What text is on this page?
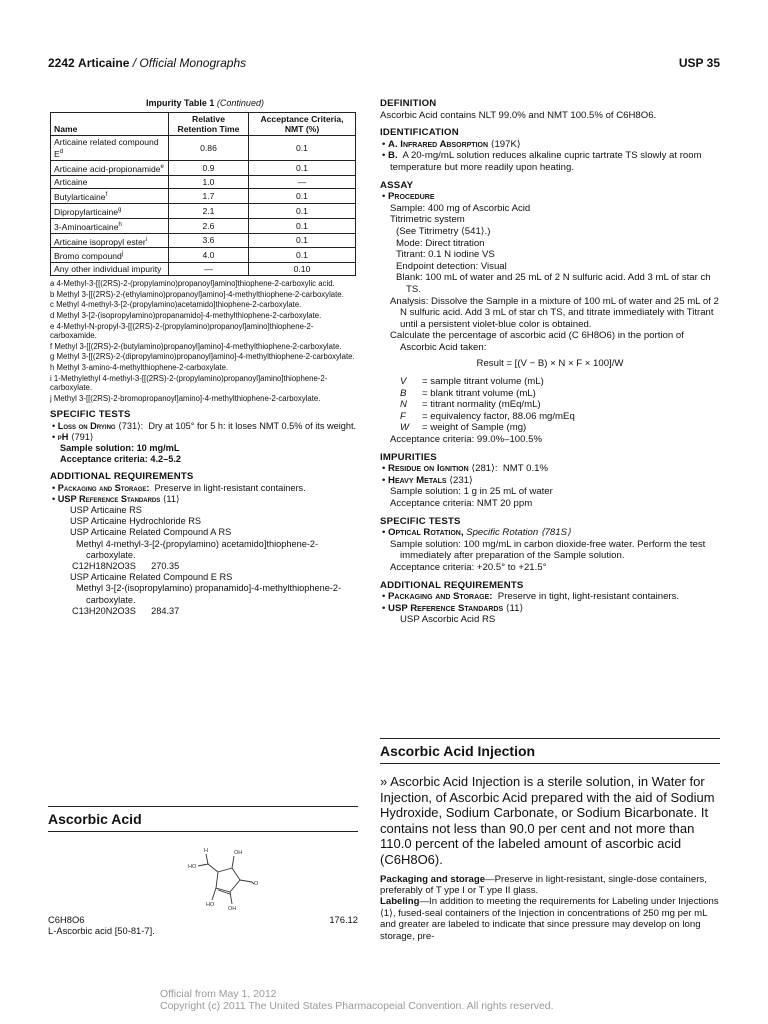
2242 Articaine / Official Monographs	USP 35
Impurity Table 1 (Continued)
Name	Relative Retention Time	Acceptance Criteria, NMT (%)
Articaine related compound $E^d$	0.86	0.1
Articaine acid-propionamide$^e$	0.9	0.1
Articaine	1.0	—
Butylarticaine$^f$	1.7	0.1
Dipropylarticaine$^g$	2.1	0.1
3-Aminoarticaine$^h$	2.6	0.1
Articaine isopropyl ester$^i$	3.6	0.1
Bromo compound$^j$	4.0	0.1
Any other individual impurity	—	0.10
a 4-Methyl-3-[[(2RS)-2-(propylamino)propanoyl]amino]thiophene-2-carboxylic acid.
b Methyl 3-[[(2RS)-2-(ethylamino)propanoyl]amino]-4-methylthiophene-2-carboxylate.
c Methyl 4-methyl-3-[2-(propylamino)acetamido]thiophene-2-carboxylate.
d Methyl 3-[2-(isopropylamino)propanamido]-4-methylthiophene-2-carboxylate.
e 4-Methyl-N-propyl-3-[[(2RS)-2-(propylamino)propanoyl]amino]thiophene-2-carboxamide.
f Methyl 3-[[(2RS)-2-(butylamino)propanoyl]amino]-4-methylthiophene-2-carboxylate.
g Methyl 3-[[(2RS)-2-(dipropylamino)propanoyl]amino]-4-methylthiophene-2-carboxylate.
h Methyl 3-amino-4-methylthiophene-2-carboxylate.
i 1-Methylethyl 4-methyl-3-[[(2RS)-2-(propylamino)propanoyl]amino]thiophene-2-carboxylate.
j Methyl 3-[[(2RS)-2-bromopropanoyl]amino]-4-methylthiophene-2-carboxylate.
SPECIFIC TESTS
• Loss on Drying ⟨731⟩: Dry at 105° for 5 h: it loses NMT 0.5% of its weight.
• pH ⟨791⟩
Sample solution: 10 mg/mL
Acceptance criteria: 4.2–5.2
ADDITIONAL REQUIREMENTS
• Packaging and Storage: Preserve in light-resistant containers.
• USP Reference Standards ⟨11⟩
USP Articaine RS
USP Articaine Hydrochloride RS
USP Articaine Related Compound A RS
Methyl 4-methyl-3-[2-(propylamino) acetamido]thiophene-2-carboxylate.
C12H18N2O3S 270.35
USP Articaine Related Compound E RS
Methyl 3-[2-(isopropylamino) propanamido]-4-methylthiophene-2-carboxylate.
C13H20N2O3S 284.37
Ascorbic Acid
OH
HO
H
O
HO
OH
C6H8O6	176.12
L-Ascorbic acid [50-81-7].
DEFINITION
Ascorbic Acid contains NLT 99.0% and NMT 100.5% of C6H8O6.
IDENTIFICATION
• A. Infrared Absorption ⟨197K⟩
• B. A 20-mg/mL solution reduces alkaline cupric tartrate TS slowly at room temperature but more readily upon heating.
ASSAY
• Procedure
Sample: 400 mg of Ascorbic Acid
Titrimetric system
(See Titrimetry ⟨541⟩.)
Mode: Direct titration
Titrant: 0.1 N iodine VS
Endpoint detection: Visual
Blank: 100 mL of water and 25 mL of 2 N sulfuric acid. Add 3 mL of star ch TS.
Analysis: Dissolve the Sample in a mixture of 100 mL of water and 25 mL of 2 N sulfuric acid. Add 3 mL of star ch TS, and titrate immediately with Titrant until a persistent violet-blue color is obtained.
Calculate the percentage of ascorbic acid (C 6H8O6) in the portion of Ascorbic Acid taken:
Result = [(V − B) × N × F × 100]/W
V	= sample titrant volume (mL)
B	= blank titrant volume (mL)
N	= titrant normality (mEq/mL)
F	= equivalency factor, 88.06 mg/mEq
W	= weight of Sample (mg)
Acceptance criteria: 99.0%–100.5%
IMPURITIES
• Residue on Ignition ⟨281⟩: NMT 0.1%
• Heavy Metals ⟨231⟩
Sample solution: 1 g in 25 mL of water
Acceptance criteria: NMT 20 ppm
SPECIFIC TESTS
• Optical Rotation, Specific Rotation ⟨781S⟩
Sample solution: 100 mg/mL in carbon dioxide-free water. Perform the test immediately after preparation of the Sample solution.
Acceptance criteria: +20.5° to +21.5°
ADDITIONAL REQUIREMENTS
• Packaging and Storage: Preserve in tight, light-resistant containers.
• USP Reference Standards ⟨11⟩
USP Ascorbic Acid RS
Ascorbic Acid Injection
» Ascorbic Acid Injection is a sterile solution, in Water for Injection, of Ascorbic Acid prepared with the aid of Sodium Hydroxide, Sodium Carbonate, or Sodium Bicarbonate. It contains not less than 90.0 per cent and not more than 110.0 percent of the labeled amount of ascorbic acid (C6H8O6).
Packaging and storage—Preserve in light-resistant, single-dose containers, preferably of T ype I or T ype II glass.
Labeling—In addition to meeting the requirements for Labeling under Injections ⟨1⟩, fused-seal containers of the Injection in concentrations of 250 mg per mL and greater are labeled to indicate that since pressure may develop on long storage, pre-
Official from May 1, 2012
Copyright (c) 2011 The United States Pharmacopeial Convention. All rights reserved.
